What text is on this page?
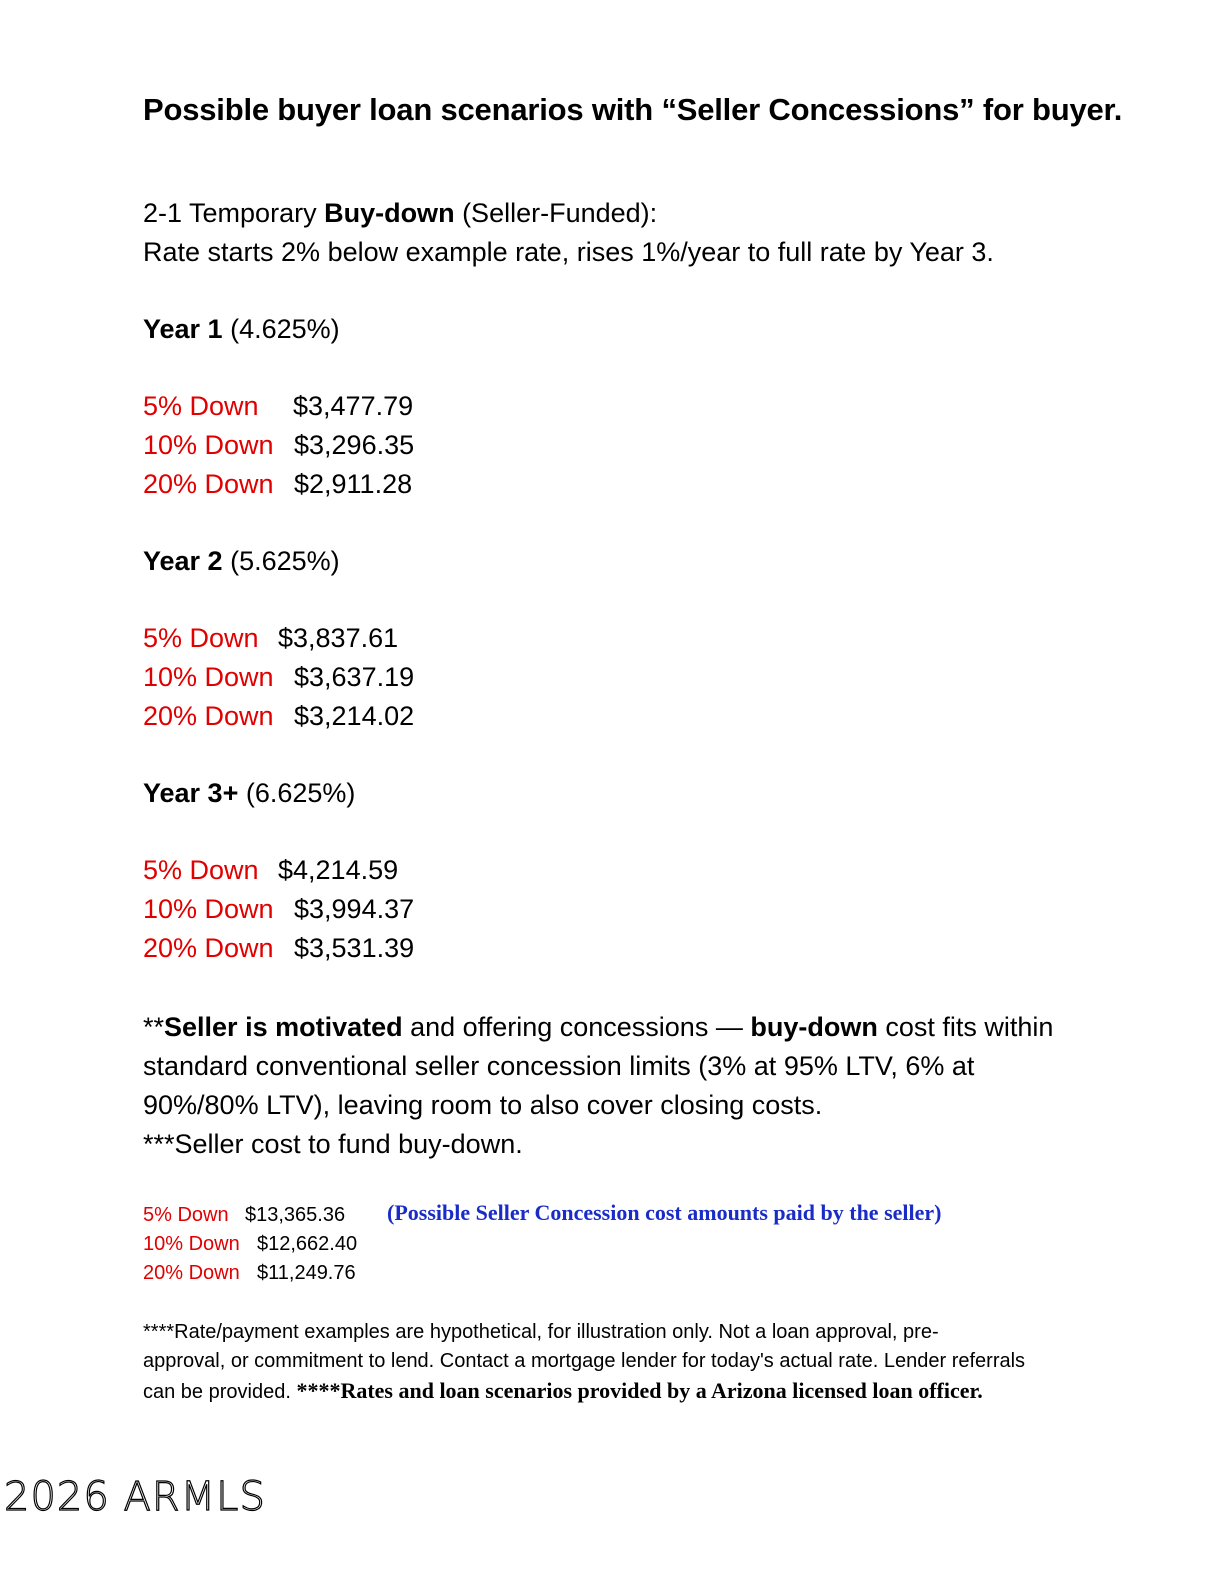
Possible buyer loan scenarios with “Seller Concessions” for buyer.
2-1 Temporary Buy-down (Seller-Funded):
Rate starts 2% below example rate, rises 1%/year to full rate by Year 3.
Year 1 (4.625%)
5% Down $3,477.79
10% Down $3,296.35
20% Down $2,911.28
Year 2 (5.625%)
5% Down $3,837.61
10% Down $3,637.19
20% Down $3,214.02
Year 3+ (6.625%)
5% Down $4,214.59
10% Down $3,994.37
20% Down $3,531.39
**Seller is motivated and offering concessions — buy-down cost fits within
standard conventional seller concession limits (3% at 95% LTV, 6% at
90%/80% LTV), leaving room to also cover closing costs.
***Seller cost to fund buy-down.
5% Down $13,365.36
10% Down $12,662.40
20% Down $11,249.76
(Possible Seller Concession cost amounts paid by the seller)
****Rate/payment examples are hypothetical, for illustration only. Not a loan approval, pre-
approval, or commitment to lend. Contact a mortgage lender for today's actual rate. Lender referrals
can be provided. ****Rates and loan scenarios provided by a Arizona licensed loan officer.
2026 ARMLS
